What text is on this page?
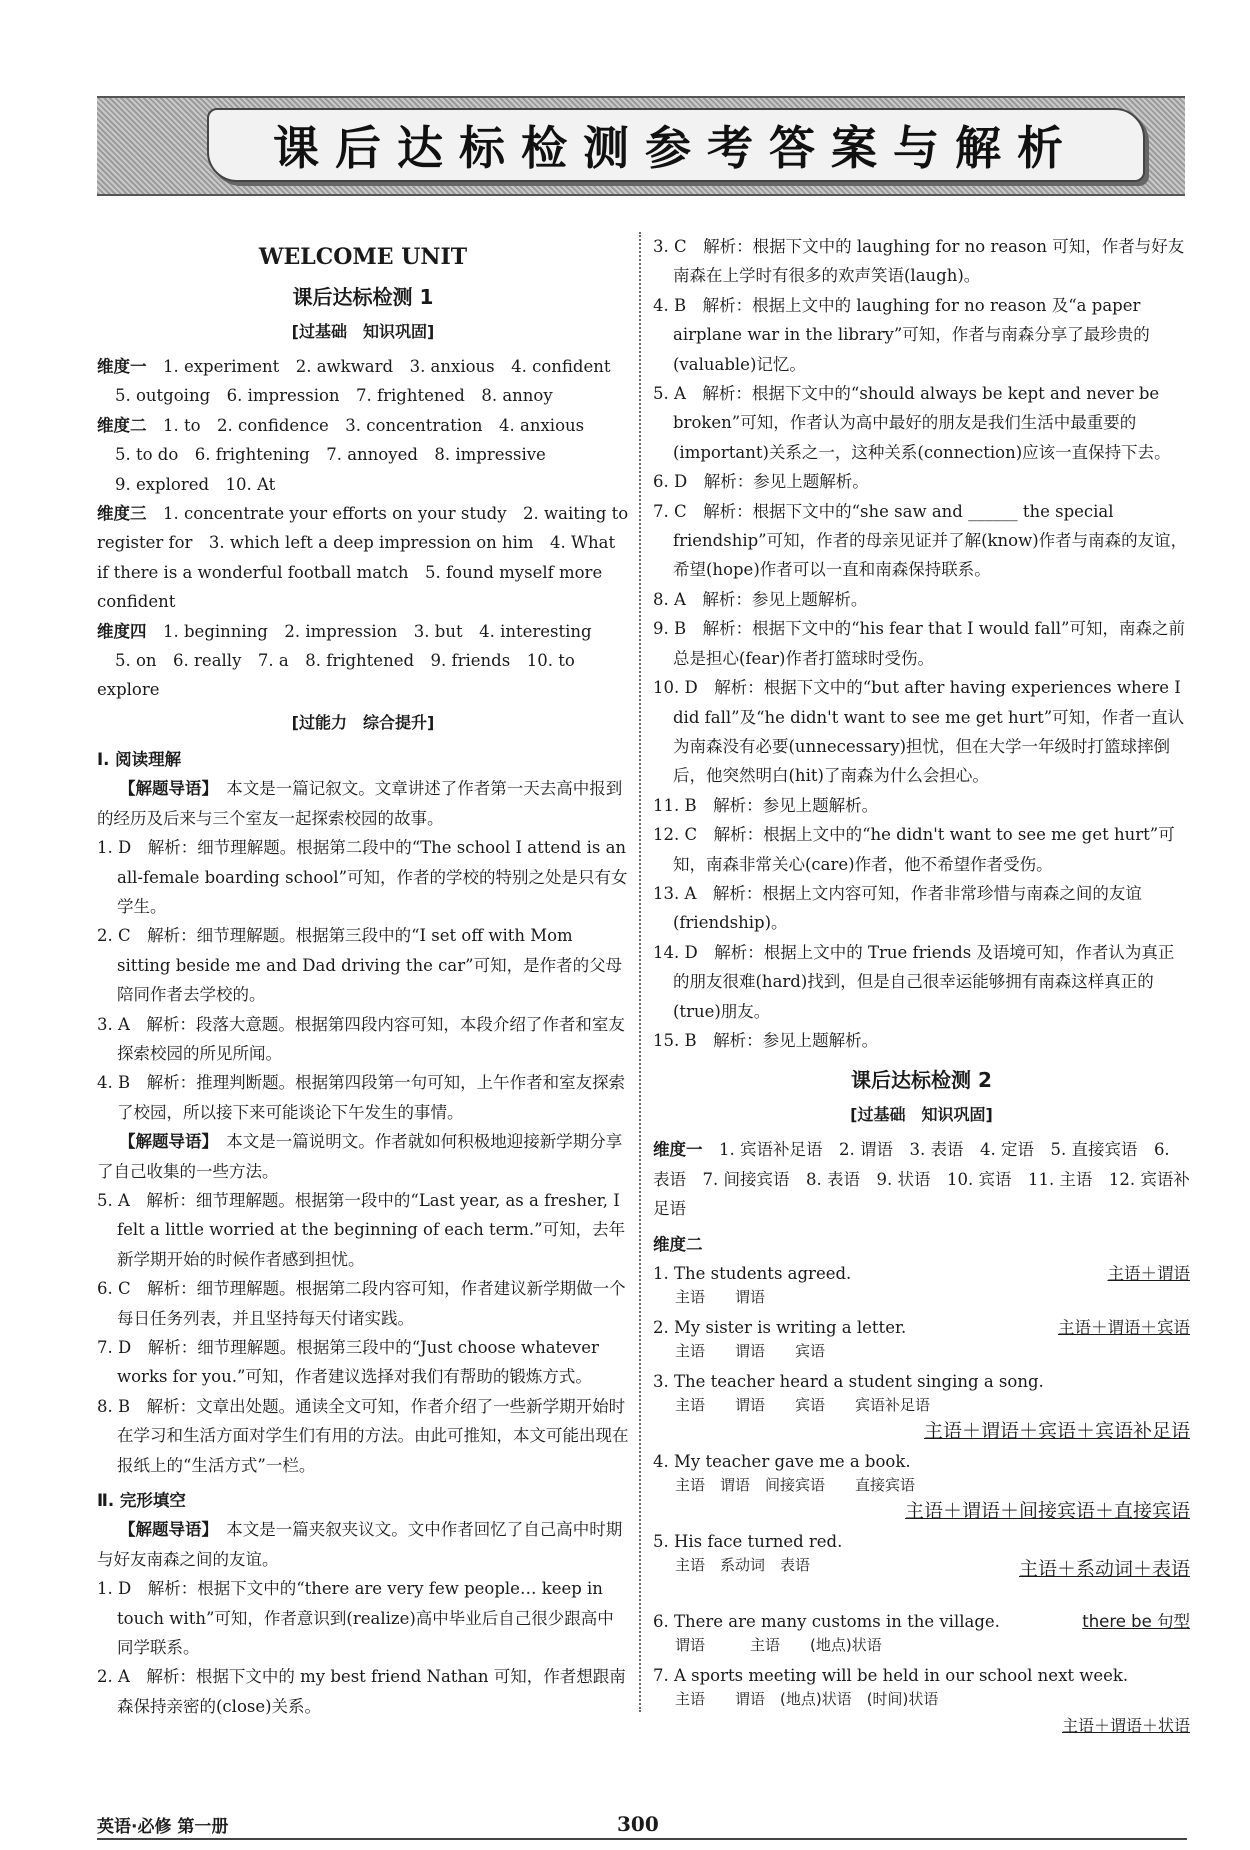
课后达标检测参考答案与解析
WELCOME UNIT
课后达标检测 1
[过基础　知识巩固]
维度一　 1. experiment　2. awkward　3. anxious　4. confident
5. outgoing　6. impression　7. frightened　8. annoy
维度二　 1. to　2. confidence　3. concentration　4. anxious
5. to do　6. frightening　7. annoyed　8. impressive
9. explored　10. At
维度三　 1. concentrate your efforts on your study　2. waiting to register for　3. which left a deep impression on him　4. What if there is a wonderful football match　5. found myself more confident
维度四　 1. beginning　2. impression　3. but　4. interesting
5. on　6. really　7. a　8. frightened　9. friends　10. to explore
[过能力　综合提升]
Ⅰ. 阅读理解
【解题导语】　 本文是一篇记叙文。文章讲述了作者第一天去高中报到的经历及后来与三个室友一起探索校园的故事。
1. D　解析：细节理解题。根据第二段中的“The school I attend is an all-female boarding school”可知，作者的学校的特别之处是只有女学生。
2. C　解析：细节理解题。根据第三段中的“I set off with Mom sitting beside me and Dad driving the car”可知，是作者的父母陪同作者去学校的。
3. A　解析：段落大意题。根据第四段内容可知，本段介绍了作者和室友探索校园的所见所闻。
4. B　解析：推理判断题。根据第四段第一句可知，上午作者和室友探索了校园，所以接下来可能谈论下午发生的事情。
【解题导语】　 本文是一篇说明文。作者就如何积极地迎接新学期分享了自己收集的一些方法。
5. A　解析：细节理解题。根据第一段中的“Last year, as a fresher, I felt a little worried at the beginning of each term.”可知，去年新学期开始的时候作者感到担忧。
6. C　解析：细节理解题。根据第二段内容可知，作者建议新学期做一个每日任务列表，并且坚持每天付诸实践。
7. D　解析：细节理解题。根据第三段中的“Just choose whatever works for you.”可知，作者建议选择对我们有帮助的锻炼方式。
8. B　解析：文章出处题。通读全文可知，作者介绍了一些新学期开始时在学习和生活方面对学生们有用的方法。由此可推知，本文可能出现在报纸上的“生活方式”一栏。
Ⅱ. 完形填空
【解题导语】　 本文是一篇夹叙夹议文。文中作者回忆了自己高中时期与好友南森之间的友谊。
1. D　解析：根据下文中的“there are very few people… keep in touch with”可知，作者意识到(realize)高中毕业后自己很少跟高中同学联系。
2. A　解析：根据下文中的 my best friend Nathan 可知，作者想跟南森保持亲密的(close)关系。
3. C　解析：根据下文中的 laughing for no reason 可知，作者与好友南森在上学时有很多的欢声笑语(laugh)。
4. B　解析：根据上文中的 laughing for no reason 及“a paper airplane war in the library”可知，作者与南森分享了最珍贵的(valuable)记忆。
5. A　解析：根据下文中的“should always be kept and never be broken”可知，作者认为高中最好的朋友是我们生活中最重要的(important)关系之一，这种关系(connection)应该一直保持下去。
6. D　解析：参见上题解析。
7. C　解析：根据下文中的“she saw and ______ the special friendship”可知，作者的母亲见证并了解(know)作者与南森的友谊，希望(hope)作者可以一直和南森保持联系。
8. A　解析：参见上题解析。
9. B　解析：根据下文中的“his fear that I would fall”可知，南森之前总是担心(fear)作者打篮球时受伤。
10. D　解析：根据下文中的“but after having experiences where I did fall”及“he didn't want to see me get hurt”可知，作者一直认为南森没有必要(unnecessary)担忧，但在大学一年级时打篮球摔倒后，他突然明白(hit)了南森为什么会担心。
11. B　解析：参见上题解析。
12. C　解析：根据上文中的“he didn't want to see me get hurt”可知，南森非常关心(care)作者，他不希望作者受伤。
13. A　解析：根据上文内容可知，作者非常珍惜与南森之间的友谊(friendship)。
14. D　解析：根据上文中的 True friends 及语境可知，作者认为真正的朋友很难(hard)找到，但是自己很幸运能够拥有南森这样真正的(true)朋友。
15. B　解析：参见上题解析。
课后达标检测 2
[过基础　知识巩固]
维度一　 1. 宾语补足语　2. 谓语　3. 表语　4. 定语　5. 直接宾语　6. 表语　7. 间接宾语　8. 表语　9. 状语　10. 宾语　11. 主语　12. 宾语补足语
维度二
1. The students agreed.
主语　　谓语
主语＋谓语
2. My sister is writing a letter.
主语　　谓语　　宾语
主语＋谓语＋宾语
3. The teacher heard a student singing a song.
主语　　谓语　　宾语　　宾语补足语
主语＋谓语＋宾语＋宾语补足语
4. My teacher gave me a book.
主语　谓语　间接宾语　　直接宾语
主语＋谓语＋间接宾语＋直接宾语
5. His face turned red.
主语　系动词　表语	主语＋系动词＋表语
6. There are many customs in the village.
谓语　　　主语　　(地点)状语
there be 句型
7. A sports meeting will be held in our school next week.
主语　　谓语　(地点)状语　(时间)状语
主语＋谓语＋状语
英语·必修 第一册	300
